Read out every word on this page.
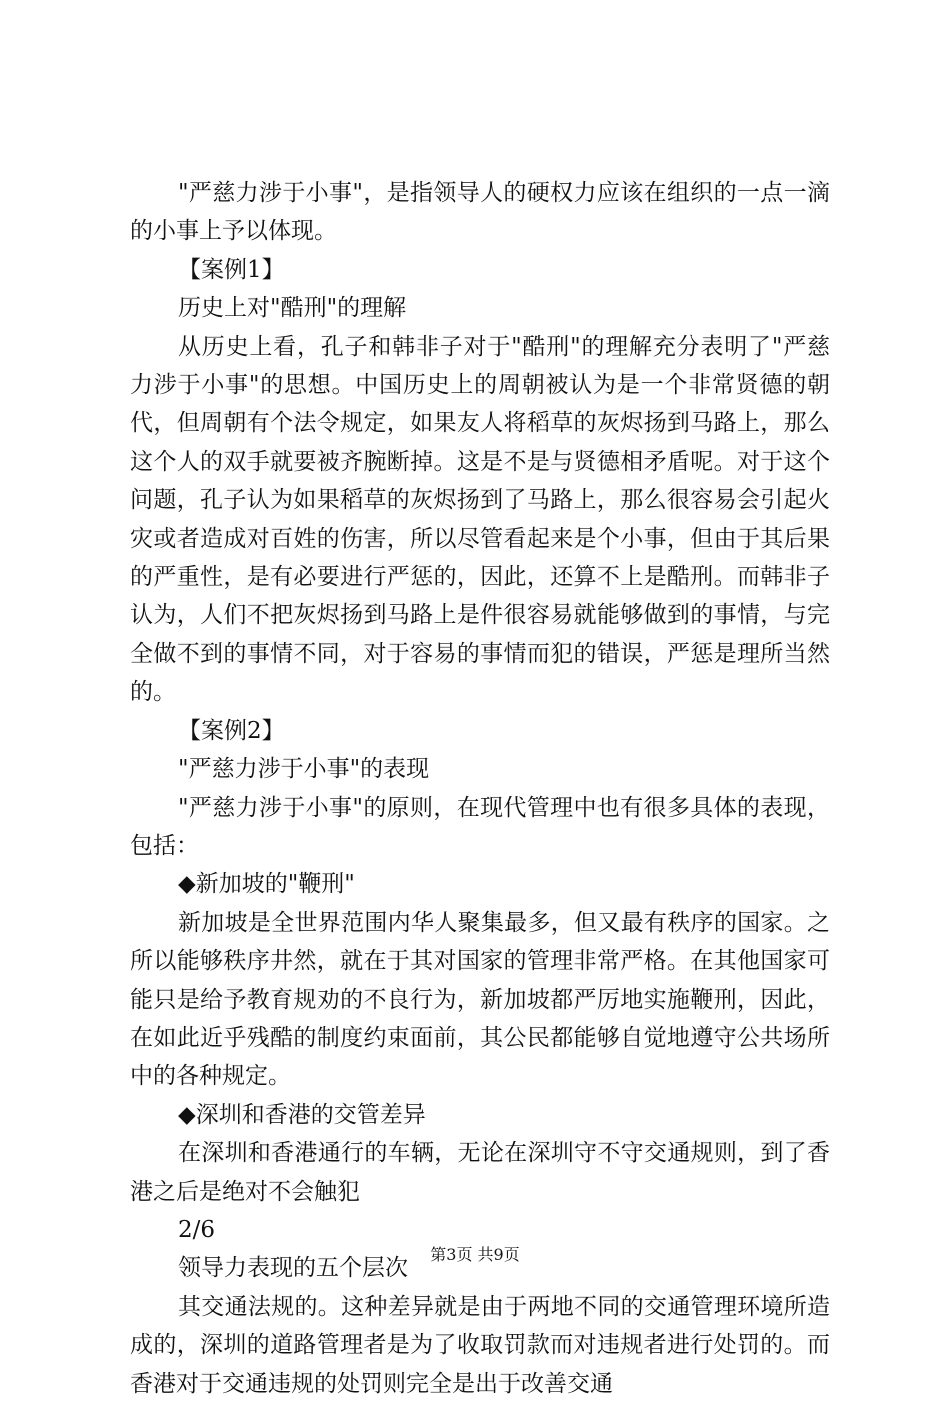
"严慈力涉于小事"，是指领导人的硬权力应该在组织的一点一滴的小事上予以体现。

【案例1】

历史上对"酷刑"的理解

从历史上看，孔子和韩非子对于"酷刑"的理解充分表明了"严慈力涉于小事"的思想。中国历史上的周朝被认为是一个非常贤德的朝代，但周朝有个法令规定，如果友人将稻草的灰烬扬到马路上，那么这个人的双手就要被齐腕断掉。这是不是与贤德相矛盾呢。对于这个问题，孔子认为如果稻草的灰烬扬到了马路上，那么很容易会引起火灾或者造成对百姓的伤害，所以尽管看起来是个小事，但由于其后果的严重性，是有必要进行严惩的，因此，还算不上是酷刑。而韩非子认为，人们不把灰烬扬到马路上是件很容易就能够做到的事情，与完全做不到的事情不同，对于容易的事情而犯的错误，严惩是理所当然的。

【案例2】

"严慈力涉于小事"的表现

"严慈力涉于小事"的原则，在现代管理中也有很多具体的表现，包括：

◆新加坡的"鞭刑"

新加坡是全世界范围内华人聚集最多，但又最有秩序的国家。之所以能够秩序井然，就在于其对国家的管理非常严格。在其他国家可能只是给予教育规劝的不良行为，新加坡都严厉地实施鞭刑，因此，在如此近乎残酷的制度约束面前，其公民都能够自觉地遵守公共场所中的各种规定。

◆深圳和香港的交管差异

在深圳和香港通行的车辆，无论在深圳守不守交通规则，到了香港之后是绝对不会触犯

2/6

领导力表现的五个层次

其交通法规的。这种差异就是由于两地不同的交通管理环境所造成的，深圳的道路管理者是为了收取罚款而对违规者进行处罚的。而香港对于交通违规的处罚则完全是出于改善交通

第3页 共9页
